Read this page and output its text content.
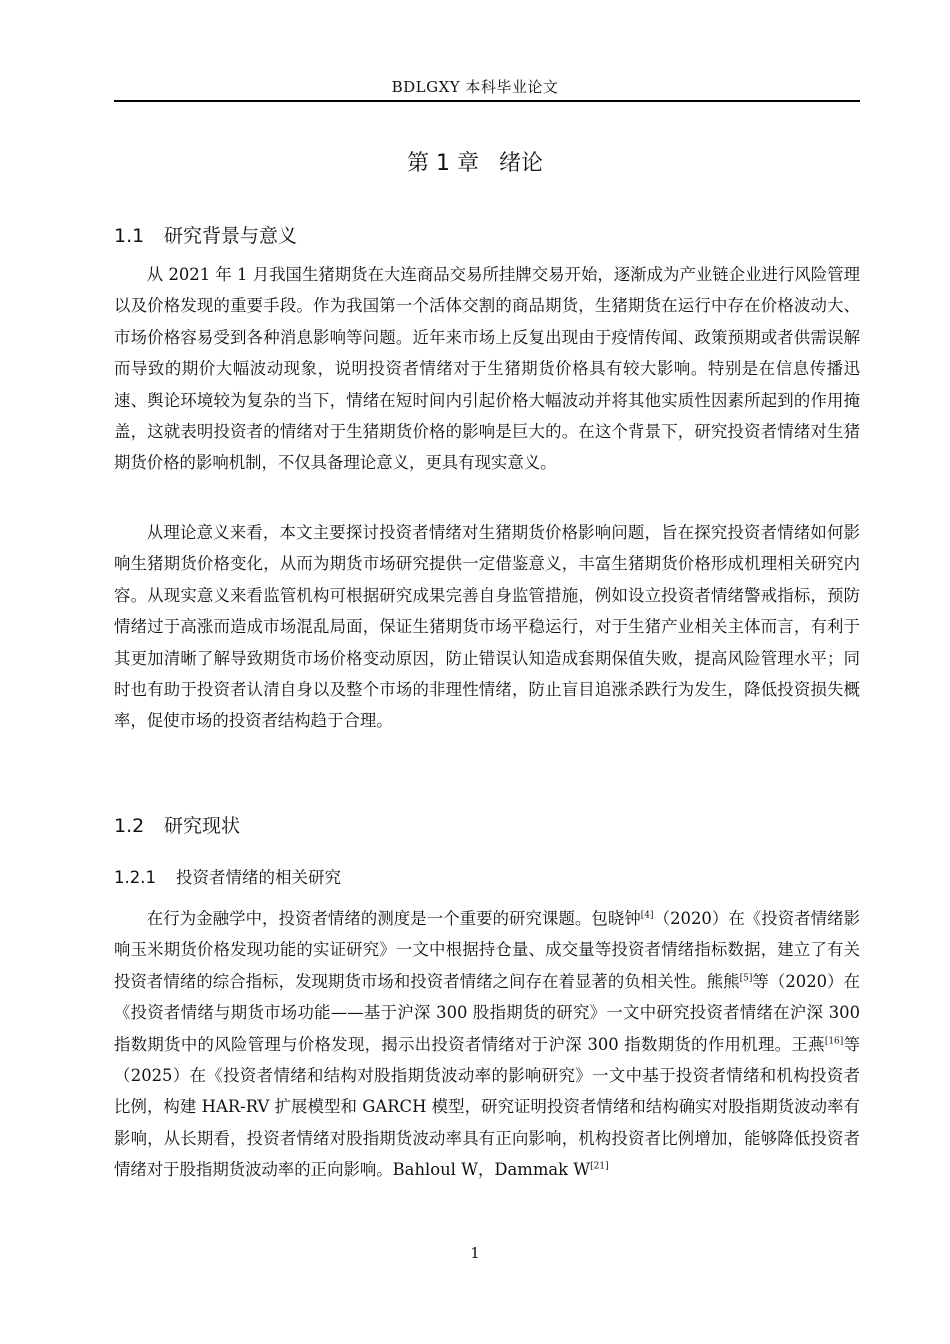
BDLGXY 本科毕业论文
第 1 章 绪论
1.1 研究背景与意义

从 2021 年 1 月我国生猪期货在大连商品交易所挂牌交易开始，逐渐成为产业链企业进行风险管理以及价格发现的重要手段。作为我国第一个活体交割的商品期货，生猪期货在运行中存在价格波动大、市场价格容易受到各种消息影响等问题。近年来市场上反复出现由于疫情传闻、政策预期或者供需误解而导致的期价大幅波动现象，说明投资者情绪对于生猪期货价格具有较大影响。特别是在信息传播迅速、舆论环境较为复杂的当下，情绪在短时间内引起价格大幅波动并将其他实质性因素所起到的作用掩盖，这就表明投资者的情绪对于生猪期货价格的影响是巨大的。在这个背景下，研究投资者情绪对生猪期货价格的影响机制，不仅具备理论意义，更具有现实意义。

从理论意义来看，本文主要探讨投资者情绪对生猪期货价格影响问题，旨在探究投资者情绪如何影响生猪期货价格变化，从而为期货市场研究提供一定借鉴意义，丰富生猪期货价格形成机理相关研究内容。从现实意义来看监管机构可根据研究成果完善自身监管措施，例如设立投资者情绪警戒指标，预防情绪过于高涨而造成市场混乱局面，保证生猪期货市场平稳运行，对于生猪产业相关主体而言，有利于其更加清晰了解导致期货市场价格变动原因，防止错误认知造成套期保值失败，提高风险管理水平；同时也有助于投资者认清自身以及整个市场的非理性情绪，防止盲目追涨杀跌行为发生，降低投资损失概率，促使市场的投资者结构趋于合理。

1.2 研究现状
1.2.1 投资者情绪的相关研究

在行为金融学中，投资者情绪的测度是一个重要的研究课题。包晓钟[4]（2020）在《投资者情绪影响玉米期货价格发现功能的实证研究》一文中根据持仓量、成交量等投资者情绪指标数据，建立了有关投资者情绪的综合指标，发现期货市场和投资者情绪之间存在着显著的负相关性。熊熊[5]等（2020）在《投资者情绪与期货市场功能——基于沪深 300 股指期货的研究》一文中研究投资者情绪在沪深 300 指数期货中的风险管理与价格发现，揭示出投资者情绪对于沪深 300 指数期货的作用机理。王燕[16]等（2025）在《投资者情绪和结构对股指期货波动率的影响研究》一文中基于投资者情绪和机构投资者比例，构建 HAR-RV 扩展模型和 GARCH 模型，研究证明投资者情绪和结构确实对股指期货波动率有影响，从长期看，投资者情绪对股指期货波动率具有正向影响，机构投资者比例增加，能够降低投资者情绪对于股指期货波动率的正向影响。Bahloul W，Dammak W[21]

1
